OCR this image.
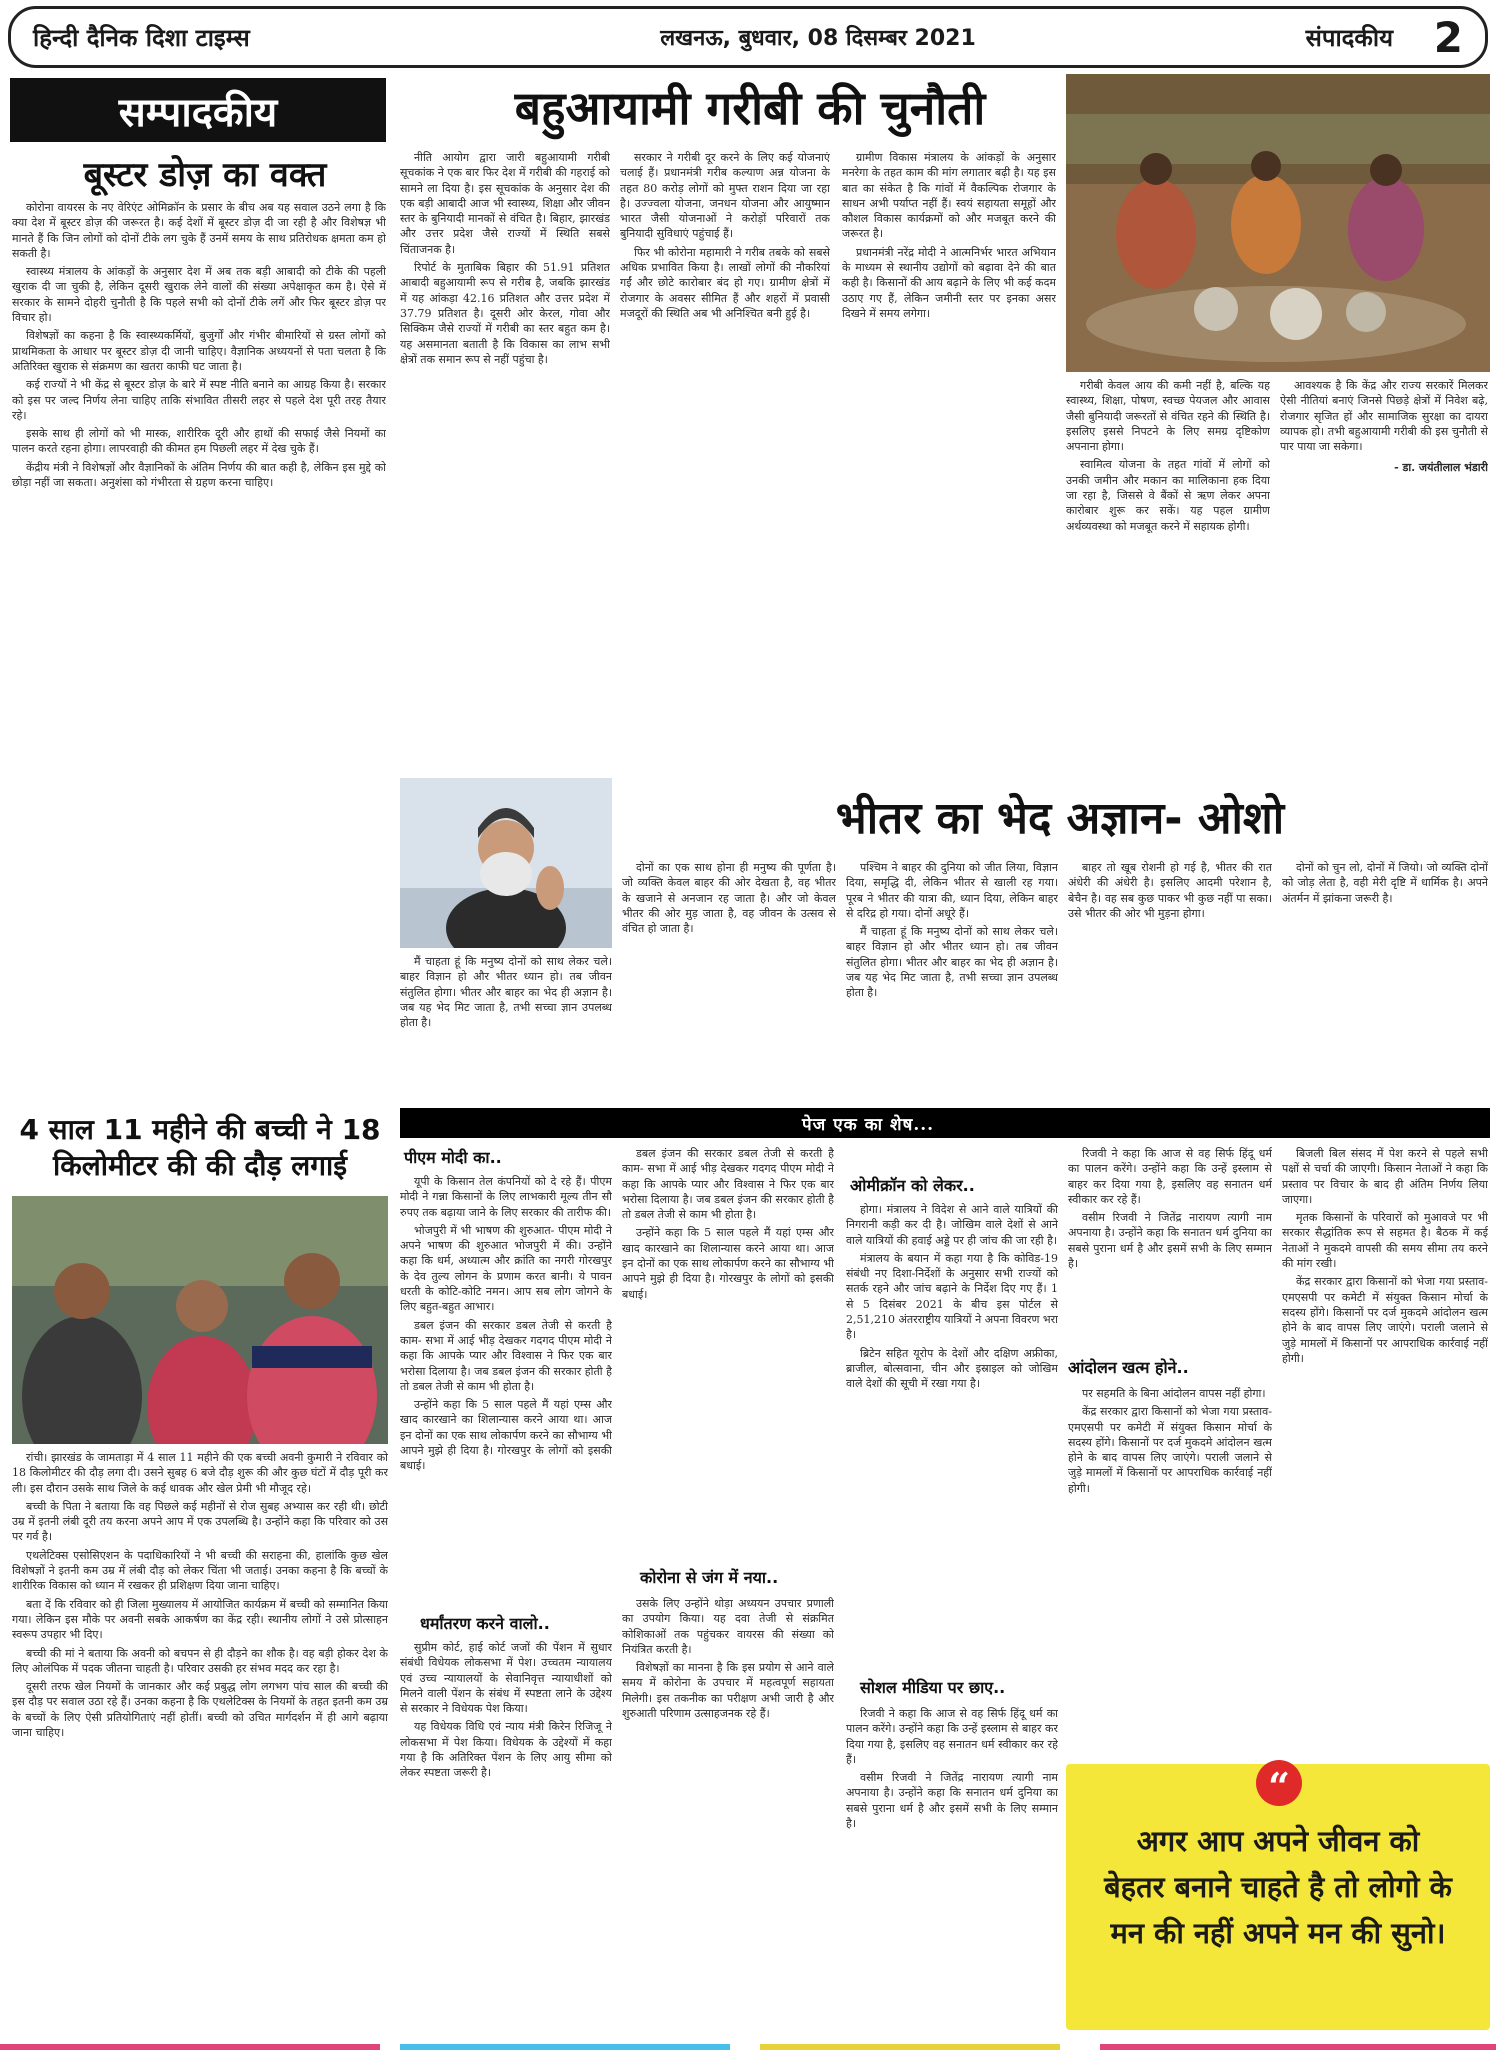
हिन्दी दैनिक दिशा टाइम्स	लखनऊ, बुधवार, 08 दिसम्बर 2021	संपादकीय 2
सम्पादकीय
बूस्टर डोज़ का वक्त

कोरोना वायरस के नए वेरिएंट ओमिक्रॉन के प्रसार के बीच अब यह सवाल उठने लगा है कि क्या देश में बूस्टर डोज़ की जरूरत है। कई देशों में बूस्टर डोज़ दी जा रही है और विशेषज्ञ भी मानते हैं कि जिन लोगों को दोनों टीके लग चुके हैं उनमें समय के साथ प्रतिरोधक क्षमता कम हो सकती है।

स्वास्थ्य मंत्रालय के आंकड़ों के अनुसार देश में अब तक बड़ी आबादी को टीके की पहली खुराक दी जा चुकी है, लेकिन दूसरी खुराक लेने वालों की संख्या अपेक्षाकृत कम है। ऐसे में सरकार के सामने दोहरी चुनौती है कि पहले सभी को दोनों टीके लगें और फिर बूस्टर डोज़ पर विचार हो।

विशेषज्ञों का कहना है कि स्वास्थ्यकर्मियों, बुजुर्गों और गंभीर बीमारियों से ग्रस्त लोगों को प्राथमिकता के आधार पर बूस्टर डोज़ दी जानी चाहिए। वैज्ञानिक अध्ययनों से पता चलता है कि अतिरिक्त खुराक से संक्रमण का खतरा काफी घट जाता है।

कई राज्यों ने भी केंद्र से बूस्टर डोज़ के बारे में स्पष्ट नीति बनाने का आग्रह किया है। सरकार को इस पर जल्द निर्णय लेना चाहिए ताकि संभावित तीसरी लहर से पहले देश पूरी तरह तैयार रहे।

इसके साथ ही लोगों को भी मास्क, शारीरिक दूरी और हाथों की सफाई जैसे नियमों का पालन करते रहना होगा। लापरवाही की कीमत हम पिछली लहर में देख चुके हैं।

केंद्रीय मंत्री ने विशेषज्ञों और वैज्ञानिकों के अंतिम निर्णय की बात कही है, लेकिन इस मुद्दे को छोड़ा नहीं जा सकता। अनुशंसा को गंभीरता से ग्रहण करना चाहिए।

बहुआयामी गरीबी की चुनौती

नीति आयोग द्वारा जारी बहुआयामी गरीबी सूचकांक ने एक बार फिर देश में गरीबी की गहराई को सामने ला दिया है। इस सूचकांक के अनुसार देश की एक बड़ी आबादी आज भी स्वास्थ्य, शिक्षा और जीवन स्तर के बुनियादी मानकों से वंचित है। बिहार, झारखंड और उत्तर प्रदेश जैसे राज्यों में स्थिति सबसे चिंताजनक है।

रिपोर्ट के मुताबिक बिहार की 51.91 प्रतिशत आबादी बहुआयामी रूप से गरीब है, जबकि झारखंड में यह आंकड़ा 42.16 प्रतिशत और उत्तर प्रदेश में 37.79 प्रतिशत है। दूसरी ओर केरल, गोवा और सिक्किम जैसे राज्यों में गरीबी का स्तर बहुत कम है। यह असमानता बताती है कि विकास का लाभ सभी क्षेत्रों तक समान रूप से नहीं पहुंचा है।

सरकार ने गरीबी दूर करने के लिए कई योजनाएं चलाई हैं। प्रधानमंत्री गरीब कल्याण अन्न योजना के तहत 80 करोड़ लोगों को मुफ्त राशन दिया जा रहा है। उज्ज्वला योजना, जनधन योजना और आयुष्मान भारत जैसी योजनाओं ने करोड़ों परिवारों तक बुनियादी सुविधाएं पहुंचाई हैं।

फिर भी कोरोना महामारी ने गरीब तबके को सबसे अधिक प्रभावित किया है। लाखों लोगों की नौकरियां गईं और छोटे कारोबार बंद हो गए। ग्रामीण क्षेत्रों में रोजगार के अवसर सीमित हैं और शहरों में प्रवासी मजदूरों की स्थिति अब भी अनिश्चित बनी हुई है।

ग्रामीण विकास मंत्रालय के आंकड़ों के अनुसार मनरेगा के तहत काम की मांग लगातार बढ़ी है। यह इस बात का संकेत है कि गांवों में वैकल्पिक रोजगार के साधन अभी पर्याप्त नहीं हैं। स्वयं सहायता समूहों और कौशल विकास कार्यक्रमों को और मजबूत करने की जरूरत है।

प्रधानमंत्री नरेंद्र मोदी ने आत्मनिर्भर भारत अभियान के माध्यम से स्थानीय उद्योगों को बढ़ावा देने की बात कही है। किसानों की आय बढ़ाने के लिए भी कई कदम उठाए गए हैं, लेकिन जमीनी स्तर पर इनका असर दिखने में समय लगेगा।

गरीबी केवल आय की कमी नहीं है, बल्कि यह स्वास्थ्य, शिक्षा, पोषण, स्वच्छ पेयजल और आवास जैसी बुनियादी जरूरतों से वंचित रहने की स्थिति है। इसलिए इससे निपटने के लिए समग्र दृष्टिकोण अपनाना होगा।

स्वामित्व योजना के तहत गांवों में लोगों को उनकी जमीन और मकान का मालिकाना हक दिया जा रहा है, जिससे वे बैंकों से ऋण लेकर अपना कारोबार शुरू कर सकें। यह पहल ग्रामीण अर्थव्यवस्था को मजबूत करने में सहायक होगी।

आवश्यक है कि केंद्र और राज्य सरकारें मिलकर ऐसी नीतियां बनाएं जिनसे पिछड़े क्षेत्रों में निवेश बढ़े, रोजगार सृजित हों और सामाजिक सुरक्षा का दायरा व्यापक हो। तभी बहुआयामी गरीबी की इस चुनौती से पार पाया जा सकेगा।

- डा. जयंतीलाल भंडारी

भीतर का भेद अज्ञान- ओशो

दोनों का एक साथ होना ही मनुष्य की पूर्णता है। जो व्यक्ति केवल बाहर की ओर देखता है, वह भीतर के खजाने से अनजान रह जाता है। और जो केवल भीतर की ओर मुड़ जाता है, वह जीवन के उत्सव से वंचित हो जाता है।

पश्चिम ने बाहर की दुनिया को जीत लिया, विज्ञान दिया, समृद्धि दी, लेकिन भीतर से खाली रह गया। पूरब ने भीतर की यात्रा की, ध्यान दिया, लेकिन बाहर से दरिद्र हो गया। दोनों अधूरे हैं।

मैं चाहता हूं कि मनुष्य दोनों को साथ लेकर चले। बाहर विज्ञान हो और भीतर ध्यान हो। तब जीवन संतुलित होगा। भीतर और बाहर का भेद ही अज्ञान है। जब यह भेद मिट जाता है, तभी सच्चा ज्ञान उपलब्ध होता है।

बाहर तो खूब रोशनी हो गई है, भीतर की रात अंधेरी की अंधेरी है। इसलिए आदमी परेशान है, बेचैन है। वह सब कुछ पाकर भी कुछ नहीं पा सका। उसे भीतर की ओर भी मुड़ना होगा।

दोनों को चुन लो, दोनों में जियो। जो व्यक्ति दोनों को जोड़ लेता है, वही मेरी दृष्टि में धार्मिक है। अपने अंतर्मन में झांकना जरूरी है।

मैं चाहता हूं कि मनुष्य दोनों को साथ लेकर चले। बाहर विज्ञान हो और भीतर ध्यान हो। तब जीवन संतुलित होगा। भीतर और बाहर का भेद ही अज्ञान है। जब यह भेद मिट जाता है, तभी सच्चा ज्ञान उपलब्ध होता है।

4 साल 11 महीने की बच्ची ने 18 किलोमीटर की की दौड़ लगाई

रांची। झारखंड के जामताड़ा में 4 साल 11 महीने की एक बच्ची अवनी कुमारी ने रविवार को 18 किलोमीटर की दौड़ लगा दी। उसने सुबह 6 बजे दौड़ शुरू की और कुछ घंटों में दौड़ पूरी कर ली। इस दौरान उसके साथ जिले के कई धावक और खेल प्रेमी भी मौजूद रहे।

बच्ची के पिता ने बताया कि वह पिछले कई महीनों से रोज सुबह अभ्यास कर रही थी। छोटी उम्र में इतनी लंबी दूरी तय करना अपने आप में एक उपलब्धि है। उन्होंने कहा कि परिवार को उस पर गर्व है।

एथलेटिक्स एसोसिएशन के पदाधिकारियों ने भी बच्ची की सराहना की, हालांकि कुछ खेल विशेषज्ञों ने इतनी कम उम्र में लंबी दौड़ को लेकर चिंता भी जताई। उनका कहना है कि बच्चों के शारीरिक विकास को ध्यान में रखकर ही प्रशिक्षण दिया जाना चाहिए।

बता दें कि रविवार को ही जिला मुख्यालय में आयोजित कार्यक्रम में बच्ची को सम्मानित किया गया। लेकिन इस मौके पर अवनी सबके आकर्षण का केंद्र रही। स्थानीय लोगों ने उसे प्रोत्साहन स्वरूप उपहार भी दिए।

बच्ची की मां ने बताया कि अवनी को बचपन से ही दौड़ने का शौक है। वह बड़ी होकर देश के लिए ओलंपिक में पदक जीतना चाहती है। परिवार उसकी हर संभव मदद कर रहा है।

दूसरी तरफ खेल नियमों के जानकार और कई प्रबुद्ध लोग लगभग पांच साल की बच्ची की इस दौड़ पर सवाल उठा रहे हैं। उनका कहना है कि एथलेटिक्स के नियमों के तहत इतनी कम उम्र के बच्चों के लिए ऐसी प्रतियोगिताएं नहीं होतीं। बच्ची को उचित मार्गदर्शन में ही आगे बढ़ाया जाना चाहिए।

पेज एक का शेष...
पीएम मोदी का..

यूपी के किसान तेल कंपनियों को दे रहे हैं। पीएम मोदी ने गन्ना किसानों के लिए लाभकारी मूल्य तीन सौ रुपए तक बढ़ाया जाने के लिए सरकार की तारीफ की।

भोजपुरी में भी भाषण की शुरुआत- पीएम मोदी ने अपने भाषण की शुरुआत भोजपुरी में की। उन्होंने कहा कि धर्म, अध्यात्म और क्रांति का नगरी गोरखपुर के देव तुल्य लोगन के प्रणाम करत बानी। ये पावन धरती के कोटि-कोटि नमन। आप सब लोग जोगने के लिए बहुत-बहुत आभार।

डबल इंजन की सरकार डबल तेजी से करती है काम- सभा में आई भीड़ देखकर गदगद पीएम मोदी ने कहा कि आपके प्यार और विश्वास ने फिर एक बार भरोसा दिलाया है। जब डबल इंजन की सरकार होती है तो डबल तेजी से काम भी होता है।

उन्होंने कहा कि 5 साल पहले मैं यहां एम्स और खाद कारखाने का शिलान्यास करने आया था। आज इन दोनों का एक साथ लोकार्पण करने का सौभाग्य भी आपने मुझे ही दिया है। गोरखपुर के लोगों को इसकी बधाई।

धर्मांतरण करने वालो..

सुप्रीम कोर्ट, हाई कोर्ट जजों की पेंशन में सुधार संबंधी विधेयक लोकसभा में पेश। उच्चतम न्यायालय एवं उच्च न्यायालयों के सेवानिवृत्त न्यायाधीशों को मिलने वाली पेंशन के संबंध में स्पष्टता लाने के उद्देश्य से सरकार ने विधेयक पेश किया।

यह विधेयक विधि एवं न्याय मंत्री किरेन रिजिजू ने लोकसभा में पेश किया। विधेयक के उद्देश्यों में कहा गया है कि अतिरिक्त पेंशन के लिए आयु सीमा को लेकर स्पष्टता जरूरी है।

डबल इंजन की सरकार डबल तेजी से करती है काम- सभा में आई भीड़ देखकर गदगद पीएम मोदी ने कहा कि आपके प्यार और विश्वास ने फिर एक बार भरोसा दिलाया है। जब डबल इंजन की सरकार होती है तो डबल तेजी से काम भी होता है।

उन्होंने कहा कि 5 साल पहले मैं यहां एम्स और खाद कारखाने का शिलान्यास करने आया था। आज इन दोनों का एक साथ लोकार्पण करने का सौभाग्य भी आपने मुझे ही दिया है। गोरखपुर के लोगों को इसकी बधाई।

कोरोना से जंग में नया..

उसके लिए उन्होंने थोड़ा अध्ययन उपचार प्रणाली का उपयोग किया। यह दवा तेजी से संक्रमित कोशिकाओं तक पहुंचकर वायरस की संख्या को नियंत्रित करती है।

विशेषज्ञों का मानना है कि इस प्रयोग से आने वाले समय में कोरोना के उपचार में महत्वपूर्ण सहायता मिलेगी। इस तकनीक का परीक्षण अभी जारी है और शुरुआती परिणाम उत्साहजनक रहे हैं।

ओमीक्रॉन को लेकर..

होगा। मंत्रालय ने विदेश से आने वाले यात्रियों की निगरानी कड़ी कर दी है। जोखिम वाले देशों से आने वाले यात्रियों की हवाई अड्डे पर ही जांच की जा रही है।

मंत्रालय के बयान में कहा गया है कि कोविड-19 संबंधी नए दिशा-निर्देशों के अनुसार सभी राज्यों को सतर्क रहने और जांच बढ़ाने के निर्देश दिए गए हैं। 1 से 5 दिसंबर 2021 के बीच इस पोर्टल से 2,51,210 अंतरराष्ट्रीय यात्रियों ने अपना विवरण भरा है।

ब्रिटेन सहित यूरोप के देशों और दक्षिण अफ्रीका, ब्राजील, बोत्सवाना, चीन और इस्राइल को जोखिम वाले देशों की सूची में रखा गया है।

सोशल मीडिया पर छाए..

रिजवी ने कहा कि आज से वह सिर्फ हिंदू धर्म का पालन करेंगे। उन्होंने कहा कि उन्हें इस्लाम से बाहर कर दिया गया है, इसलिए वह सनातन धर्म स्वीकार कर रहे हैं।

वसीम रिजवी ने जितेंद्र नारायण त्यागी नाम अपनाया है। उन्होंने कहा कि सनातन धर्म दुनिया का सबसे पुराना धर्म है और इसमें सभी के लिए सम्मान है।

रिजवी ने कहा कि आज से वह सिर्फ हिंदू धर्म का पालन करेंगे। उन्होंने कहा कि उन्हें इस्लाम से बाहर कर दिया गया है, इसलिए वह सनातन धर्म स्वीकार कर रहे हैं।

वसीम रिजवी ने जितेंद्र नारायण त्यागी नाम अपनाया है। उन्होंने कहा कि सनातन धर्म दुनिया का सबसे पुराना धर्म है और इसमें सभी के लिए सम्मान है।

आंदोलन खत्म होने..

पर सहमति के बिना आंदोलन वापस नहीं होगा।

केंद्र सरकार द्वारा किसानों को भेजा गया प्रस्ताव- एमएसपी पर कमेटी में संयुक्त किसान मोर्चा के सदस्य होंगे। किसानों पर दर्ज मुकदमे आंदोलन खत्म होने के बाद वापस लिए जाएंगे। पराली जलाने से जुड़े मामलों में किसानों पर आपराधिक कार्रवाई नहीं होगी।

बिजली बिल संसद में पेश करने से पहले सभी पक्षों से चर्चा की जाएगी। किसान नेताओं ने कहा कि प्रस्ताव पर विचार के बाद ही अंतिम निर्णय लिया जाएगा।

मृतक किसानों के परिवारों को मुआवजे पर भी सरकार सैद्धांतिक रूप से सहमत है। बैठक में कई नेताओं ने मुकदमे वापसी की समय सीमा तय करने की मांग रखी।

केंद्र सरकार द्वारा किसानों को भेजा गया प्रस्ताव- एमएसपी पर कमेटी में संयुक्त किसान मोर्चा के सदस्य होंगे। किसानों पर दर्ज मुकदमे आंदोलन खत्म होने के बाद वापस लिए जाएंगे। पराली जलाने से जुड़े मामलों में किसानों पर आपराधिक कार्रवाई नहीं होगी।

“
अगर आप अपने जीवन को बेहतर बनाने चाहते है तो लोगो के मन की नहीं अपने मन की सुनो।
